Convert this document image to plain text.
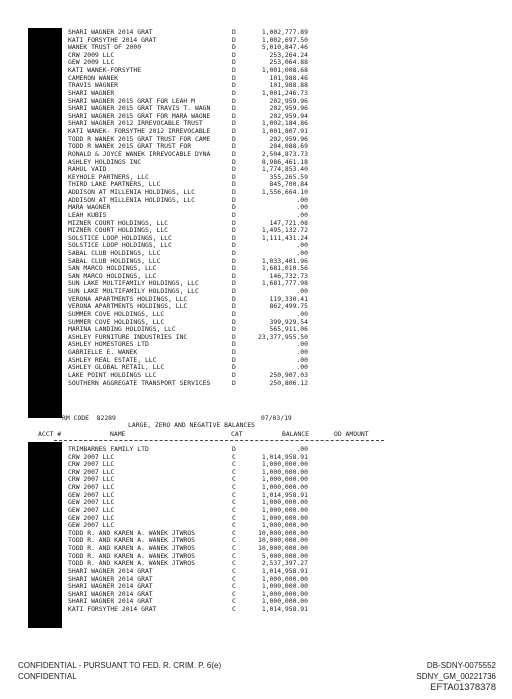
SHARI WAGNER 2014 GRAT	D	1,002,777.89
KATI FORSYTHE 2014 GRAT	D	1,002,697.50
WANEK TRUST OF 2000	D	5,010,847.46
CRW 2009 LLC	D	253,264.24
GEW 2009 LLC	D	253,064.88
KATI WANEK-FORSYTHE	D	1,001,008.68
CAMERON WANEK	D	101,988.46
TRAVIS WAGNER	D	101,988.88
SHARI WAGNER	D	1,001,246.73
SHARI WAGNER 2015 GRAT FOR LEAH M	D	202,959.96
SHARI WAGNER 2015 GRAT TRAVIS T. WAGN	D	202,959.96
SHARI WAGNER 2015 GRAT FOR MARA WAGNE	D	202,959.94
SHARI WAGNER 2012 IRREVOCABLE TRUST	D	1,002,184.86
KATI WANEK- FORSYTHE 2012 IRREVOCABLE	D	1,001,807.91
TODD R WANEK 2015 GRAT TRUST FOR CAME	D	202,959.96
TODD R WANEK 2015 GRAT TRUST FOR	D	204,088.69
RONALD & JOYCE WANEK IRREVOCABLE DYNA	D	2,504,873.73
ASHLEY HOLDINGS INC	D	8,986,461.18
RAHUL VAID	D	1,774,853.40
KEYHOLE PARTNERS, LLC	D	355,265.59
THIRD LAKE PARTNERS, LLC	D	845,700.84
ADDISON AT MILLENIA HOLDINGS, LLC	D	1,556,664.10
ADDISON AT MILLENIA HOLDINGS, LLC	D	.00
MARA WAGNER	D	.00
LEAH KUBIS	D	.00
MIZNER COURT HOLDINGS, LLC	D	147,721.08
MIZNER COURT HOLDINGS, LLC	D	1,495,132.72
SOLSTICE LOOP HOLDINGS, LLC	D	1,111,431.24
SOLSTICE LOOP HOLDINGS, LLC	D	.00
SABAL CLUB HOLDINGS, LLC	D	.00
SABAL CLUB HOLDINGS, LLC	D	1,033,401.96
SAN MARCO HOLDINGS, LLC	D	1,681,010.56
SAN MARCO HOLDINGS, LLC	D	146,732.73
SUN LAKE MULTIFAMILY HOLDINGS, LLC	D	1,681,777.98
SUN LAKE MULTIFAMILY HOLDINGS, LLC	D	.00
VERONA APARTMENTS HOLDINGS, LLC	D	119,330.41
VERONA APARTMENTS HOLDINGS, LLC	D	862,499.75
SUMMER COVE HOLDINGS, LLC	D	.00
SUMMER COVE HOLDINGS, LLC	D	399,929.54
MARINA LANDING HOLDINGS, LLC	D	565,911.06
ASHLEY FURNITURE INDUSTRIES INC	D	23,377,955.50
ASHLEY HOMESTORES LTD	D	.00
GABRIELLE E. WANEK	D	.00
ASHLEY REAL ESTATE, LLC	D	.00
ASHLEY GLOBAL RETAIL, LLC	D	.00
LAKE POINT HOLDINGS LLC	D	250,907.03
SOUTHERN AGGREGATE TRANSPORT SERVICES	D	250,806.12
RM CODE 82289	07/03/19
LARGE, ZERO AND NEGATIVE BALANCES
ACCT #	NAME	CAT	BALANCE	OD AMOUNT
TRIMBARNES FAMILY LTD	D	.00
CRW 2007 LLC	C	1,014,958.91
CRW 2007 LLC	C	1,000,000.00
CRW 2007 LLC	C	1,000,000.00
CRW 2007 LLC	C	1,000,000.00
CRW 2007 LLC	C	1,000,000.00
GEW 2007 LLC	C	1,014,958.91
GEW 2007 LLC	C	1,000,000.00
GEW 2007 LLC	C	1,000,000.00
GEW 2007 LLC	C	1,000,000.00
GEW 2007 LLC	C	1,000,000.00
TODD R. AND KAREN A. WANEK JTWROS	C	10,000,000.00
TODD R. AND KAREN A. WANEK JTWROS	C	10,000,000.00
TODD R. AND KAREN A. WANEK JTWROS	C	10,000,000.00
TODD R. AND KAREN A. WANEK JTWROS	C	5,000,000.00
TODD R. AND KAREN A. WANEK JTWROS	C	2,537,397.27
SHARI WAGNER 2014 GRAT	C	1,014,958.91
SHARI WAGNER 2014 GRAT	C	1,000,000.00
SHARI WAGNER 2014 GRAT	C	1,000,000.00
SHARI WAGNER 2014 GRAT	C	1,000,000.00
SHARI WAGNER 2014 GRAT	C	1,000,000.00
KATI FORSYTHE 2014 GRAT	C	1,014,958.91
CONFIDENTIAL - PURSUANT TO FED. R. CRIM. P. 6(e)
CONFIDENTIAL
DB-SDNY-0075552
SDNY_GM_00221736
EFTA01378378
